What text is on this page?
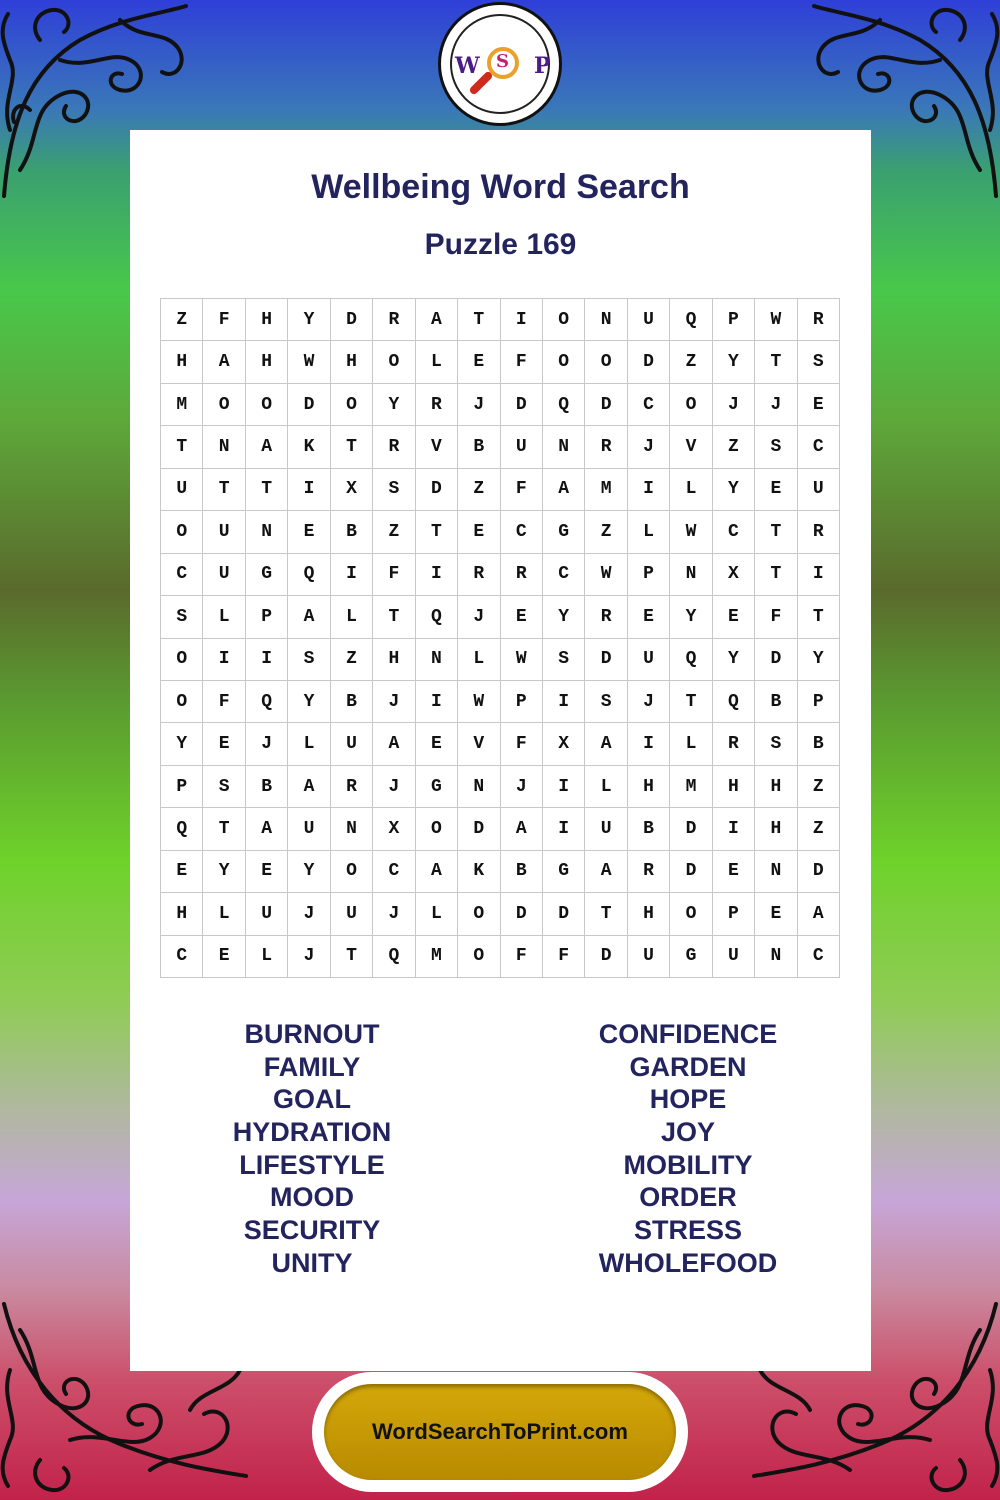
W S P
Wellbeing Word Search
Puzzle 169
Z	F	H	Y	D	R	A	T	I	O	N	U	Q	P	W	R
H	A	H	W	H	O	L	E	F	O	O	D	Z	Y	T	S
M	O	O	D	O	Y	R	J	D	Q	D	C	O	J	J	E
T	N	A	K	T	R	V	B	U	N	R	J	V	Z	S	C
U	T	T	I	X	S	D	Z	F	A	M	I	L	Y	E	U
O	U	N	E	B	Z	T	E	C	G	Z	L	W	C	T	R
C	U	G	Q	I	F	I	R	R	C	W	P	N	X	T	I
S	L	P	A	L	T	Q	J	E	Y	R	E	Y	E	F	T
O	I	I	S	Z	H	N	L	W	S	D	U	Q	Y	D	Y
O	F	Q	Y	B	J	I	W	P	I	S	J	T	Q	B	P
Y	E	J	L	U	A	E	V	F	X	A	I	L	R	S	B
P	S	B	A	R	J	G	N	J	I	L	H	M	H	H	Z
Q	T	A	U	N	X	O	D	A	I	U	B	D	I	H	Z
E	Y	E	Y	O	C	A	K	B	G	A	R	D	E	N	D
H	L	U	J	U	J	L	O	D	D	T	H	O	P	E	A
C	E	L	J	T	Q	M	O	F	F	D	U	G	U	N	C
BURNOUT
FAMILY
GOAL
HYDRATION
LIFESTYLE
MOOD
SECURITY
UNITY
CONFIDENCE
GARDEN
HOPE
JOY
MOBILITY
ORDER
STRESS
WHOLEFOOD
WordSearchToPrint.com
